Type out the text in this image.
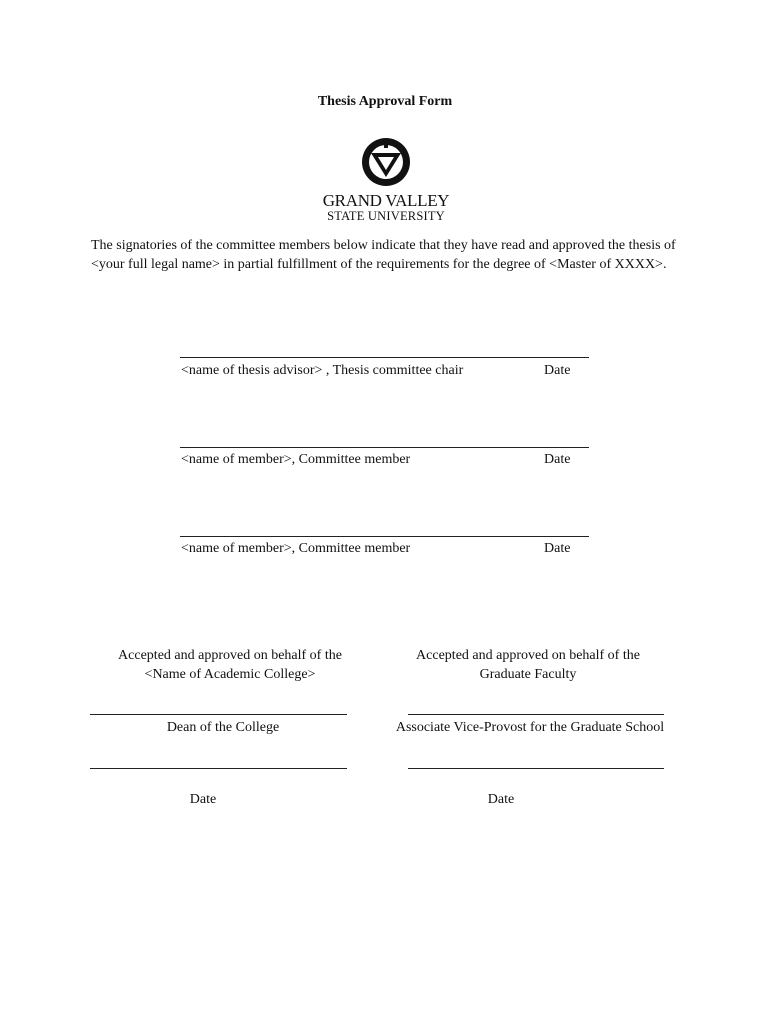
Thesis Approval Form
GRAND VALLEY
STATE UNIVERSITY
The signatories of the committee members below indicate that they have read and approved the thesis of <your full legal name> in partial fulfillment of the requirements for the degree of <Master of XXXX>.
<name of thesis advisor> , Thesis committee chair	Date
<name of member>, Committee member	Date
<name of member>, Committee member	Date
Accepted and approved on behalf of the
<Name of Academic College>
Dean of the College
Date
Accepted and approved on behalf of the
Graduate Faculty
Associate Vice-Provost for the Graduate School
Date
